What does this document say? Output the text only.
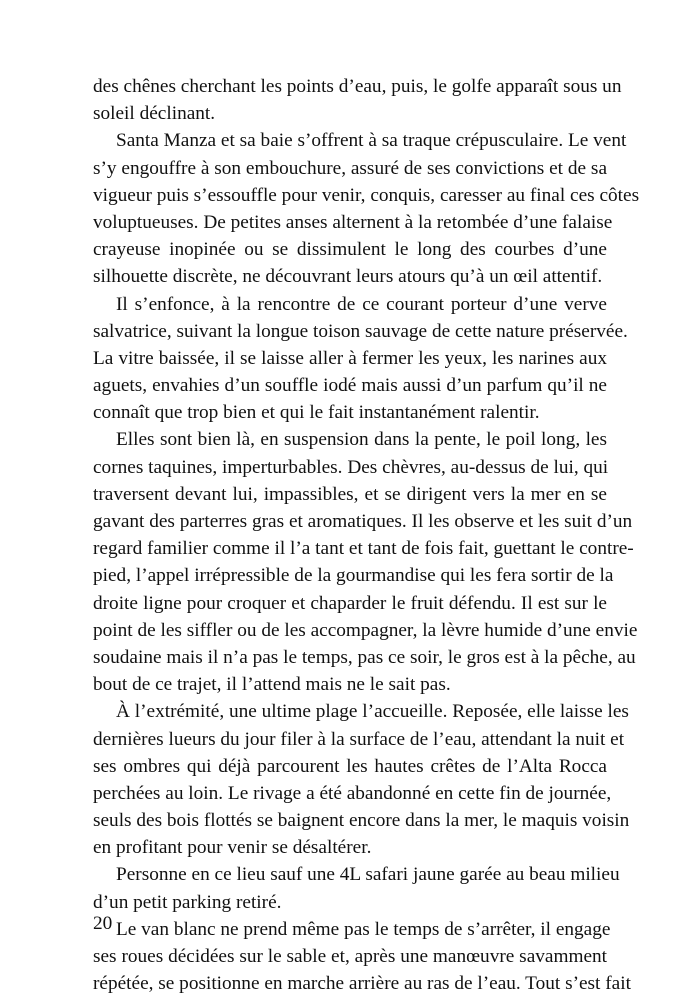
des chênes cherchant les points d’eau, puis, le golfe apparaît sous un
soleil déclinant.
Santa Manza et sa baie s’offrent à sa traque crépusculaire. Le vent
s’y engouffre à son embouchure, assuré de ses convictions et de sa
vigueur puis s’essouffle pour venir, conquis, caresser au final ces côtes
voluptueuses. De petites anses alternent à la retombée d’une falaise
crayeuse inopinée ou se dissimulent le long des courbes d’une
silhouette discrète, ne découvrant leurs atours qu’à un œil attentif.
Il s’enfonce, à la rencontre de ce courant porteur d’une verve
salvatrice, suivant la longue toison sauvage de cette nature préservée.
La vitre baissée, il se laisse aller à fermer les yeux, les narines aux
aguets, envahies d’un souffle iodé mais aussi d’un parfum qu’il ne
connaît que trop bien et qui le fait instantanément ralentir.
Elles sont bien là, en suspension dans la pente, le poil long, les
cornes taquines, imperturbables. Des chèvres, au-dessus de lui, qui
traversent devant lui, impassibles, et se dirigent vers la mer en se
gavant des parterres gras et aromatiques. Il les observe et les suit d’un
regard familier comme il l’a tant et tant de fois fait, guettant le contre-
pied, l’appel irrépressible de la gourmandise qui les fera sortir de la
droite ligne pour croquer et chaparder le fruit défendu. Il est sur le
point de les siffler ou de les accompagner, la lèvre humide d’une envie
soudaine mais il n’a pas le temps, pas ce soir, le gros est à la pêche, au
bout de ce trajet, il l’attend mais ne le sait pas.
À l’extrémité, une ultime plage l’accueille. Reposée, elle laisse les
dernières lueurs du jour filer à la surface de l’eau, attendant la nuit et
ses ombres qui déjà parcourent les hautes crêtes de l’Alta Rocca
perchées au loin. Le rivage a été abandonné en cette fin de journée,
seuls des bois flottés se baignent encore dans la mer, le maquis voisin
en profitant pour venir se désaltérer.
Personne en ce lieu sauf une 4L safari jaune garée au beau milieu
d’un petit parking retiré.
Le van blanc ne prend même pas le temps de s’arrêter, il engage
ses roues décidées sur le sable et, après une manœuvre savamment
répétée, se positionne en marche arrière au ras de l’eau. Tout s’est fait
20
